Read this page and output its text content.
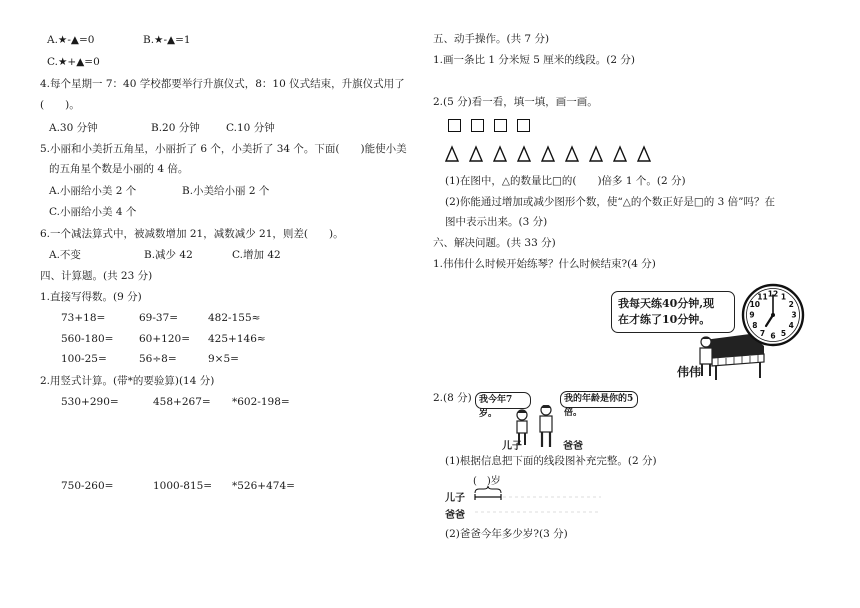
A.★-▲=0	B.★-▲=1
C.★+▲=0
4.每个星期一 7：40 学校都要举行升旗仪式，8：10 仪式结束，升旗仪式用了
(　　)。
A.30 分钟	B.20 分钟 C.10 分钟
5.小丽和小美折五角星，小丽折了 6 个，小美折了 34 个。下面(　　)能使小美
的五角星个数是小丽的 4 倍。
A.小丽给小美 2 个	B.小美给小丽 2 个
C.小丽给小美 4 个
6.一个减法算式中，被减数增加 21，减数减少 21，则差(　　)。
A.不变	B.减少 42	C.增加 42
四、计算题。(共 23 分)
1.直接写得数。(9 分)
73+18=	69-37=	482-155≈
560-180= 60+120= 425+146≈
100-25=	56÷8=	9×5=
2.用竖式计算。(带*的要验算)(14 分)
530+290=	458+267= *602-198=
750-260=	1000-815= *526+474=
五、动手操作。(共 7 分)
1.画一条比 1 分米短 5 厘米的线段。(2 分)
2.(5 分)看一看，填一填，画一画。
(1)在图中，△的数量比□的(　　)倍多 1 个。(2 分)
(2)你能通过增加或减少图形个数，使“△的个数正好是□的 3 倍”吗？在
图中表示出来。(3 分)
六、解决问题。(共 33 分)
1.伟伟什么时候开始练琴？什么时候结束?(4 分)
我每天练40分钟,现
在才练了10分钟。
伟伟
12 1
2
3
4
5
6
7
8
9
10
11
2.(8 分) 我今年7岁。
我的年龄是你的5倍。
儿子	爸爸
(1)根据信息把下面的线段图补充完整。(2 分)
(　)岁
儿子
爸爸
(2)爸爸今年多少岁?(3 分)
